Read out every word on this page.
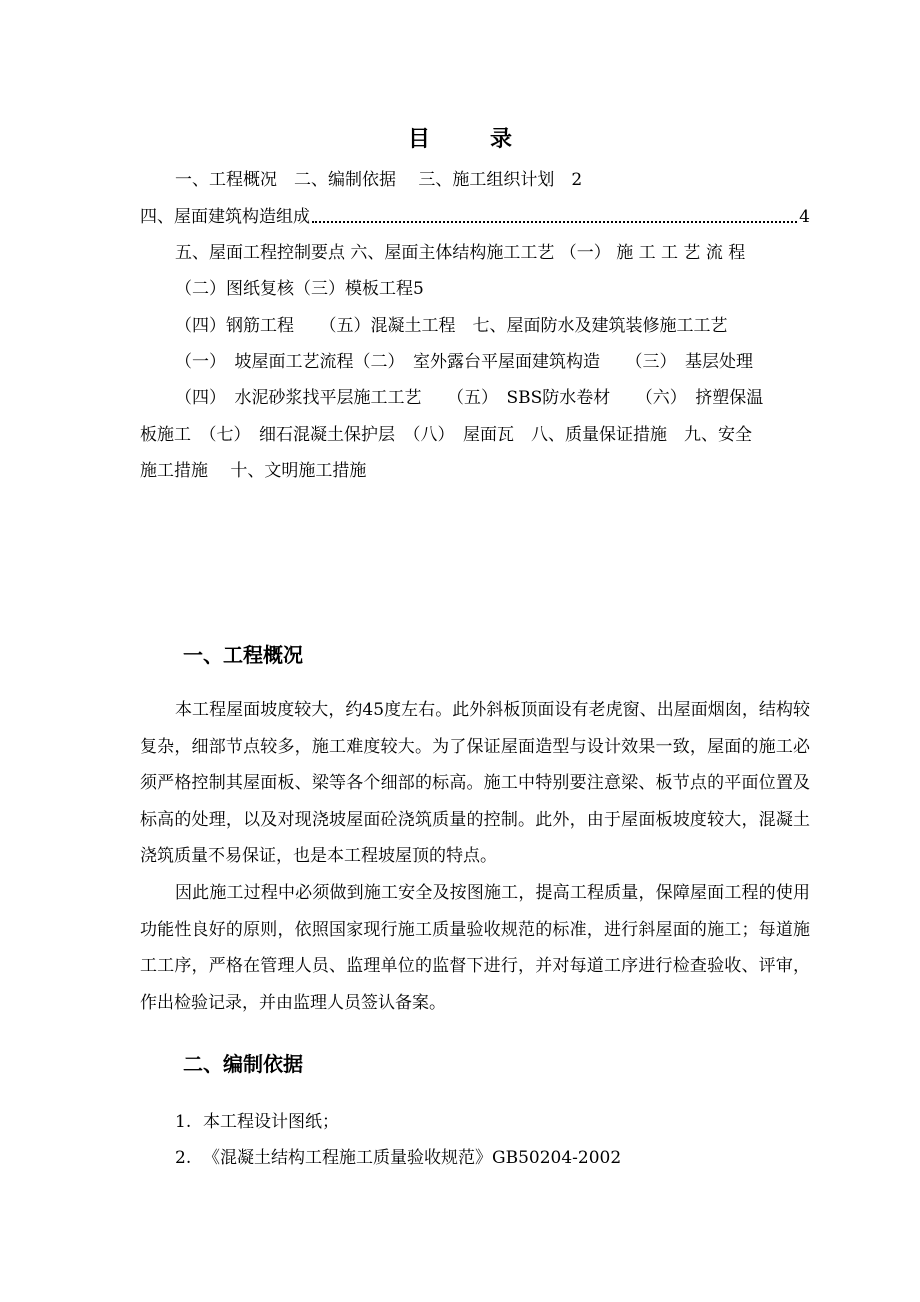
目	录
一、工程概况　二、编制依据　 三、施工组织计划　2
四、屋面建筑构造组成	4
五、屋面工程控制要点 六、屋面主体结构施工工艺 （一） 施 工 工 艺 流 程
（二）图纸复核（三）模板工程5
（四）钢筋工程　　（五）混凝土工程　七、屋面防水及建筑装修施工工艺
（一）　坡屋面工艺流程（二）　室外露台平屋面建筑构造　　（三）　基层处理
（四）　水泥砂浆找平层施工工艺　　（五）　SBS防水卷材　　（六）　挤塑保温
板施工　（七）　细石混凝土保护层　（八）　屋面瓦　八、质量保证措施　九、安全
施工措施　 十、文明施工措施
一、工程概况

本工程屋面坡度较大，约45度左右。此外斜板顶面设有老虎窗、出屋面烟囱，结构较复杂，细部节点较多，施工难度较大。为了保证屋面造型与设计效果一致，屋面的施工必须严格控制其屋面板、梁等各个细部的标高。施工中特别要注意梁、板节点的平面位置及标高的处理，以及对现浇坡屋面砼浇筑质量的控制。此外，由于屋面板坡度较大，混凝土浇筑质量不易保证，也是本工程坡屋顶的特点。

因此施工过程中必须做到施工安全及按图施工，提高工程质量，保障屋面工程的使用功能性良好的原则，依照国家现行施工质量验收规范的标准，进行斜屋面的施工；每道施工工序，严格在管理人员、监理单位的监督下进行，并对每道工序进行检查验收、评审，作出检验记录，并由监理人员签认备案。

二、编制依据
1. 本工程设计图纸；
2. 《混凝土结构工程施工质量验收规范》GB50204-2002
